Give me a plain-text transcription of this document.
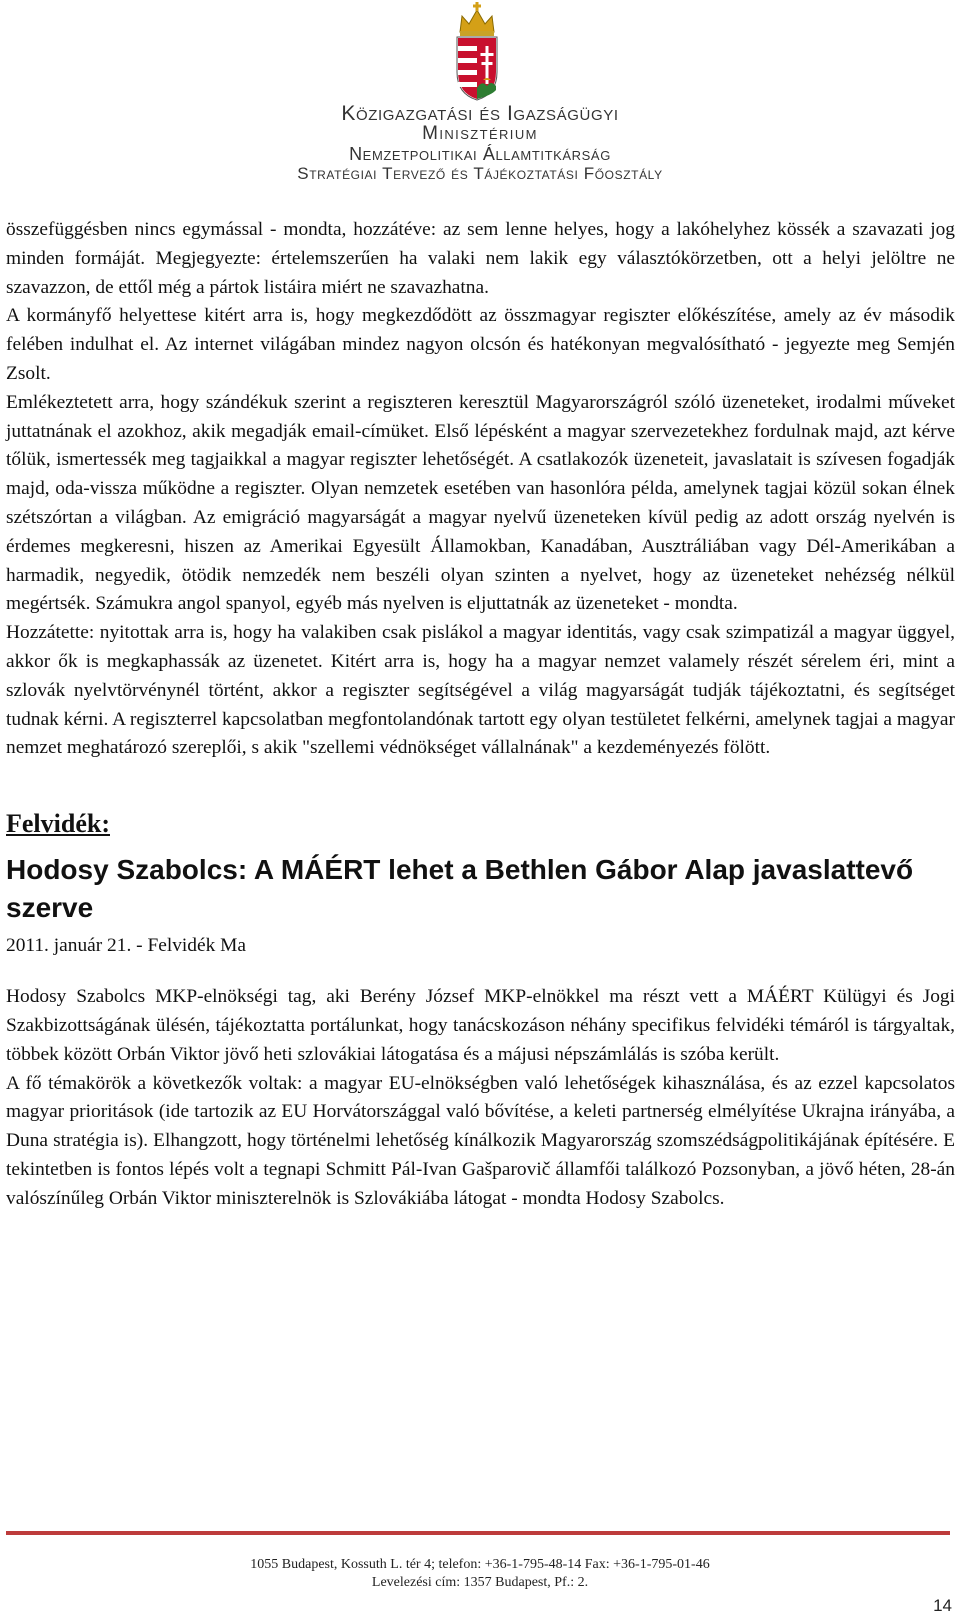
Közigazgatási és Igazságügyi
Minisztérium
Nemzetpolitikai Államtitkárság
Stratégiai Tervező és Tájékoztatási Főosztály

összefüggésben nincs egymással - mondta, hozzátéve: az sem lenne helyes, hogy a lakóhelyhez kössék a szavazati jog minden formáját. Megjegyezte: értelemszerűen ha valaki nem lakik egy választókörzetben, ott a helyi jelöltre ne szavazzon, de ettől még a pártok listáira miért ne szavazhatna.

A kormányfő helyettese kitért arra is, hogy megkezdődött az összmagyar regiszter előkészítése, amely az év második felében indulhat el. Az internet világában mindez nagyon olcsón és hatékonyan megvalósítható - jegyezte meg Semjén Zsolt.

Emlékeztetett arra, hogy szándékuk szerint a regiszteren keresztül Magyarországról szóló üzeneteket, irodalmi műveket juttatnának el azokhoz, akik megadják email-címüket. Első lépésként a magyar szervezetekhez fordulnak majd, azt kérve tőlük, ismertessék meg tagjaikkal a magyar regiszter lehetőségét. A csatlakozók üzeneteit, javaslatait is szívesen fogadják majd, oda-vissza működne a regiszter. Olyan nemzetek esetében van hasonlóra példa, amelynek tagjai közül sokan élnek szétszórtan a világban. Az emigráció magyarságát a magyar nyelvű üzeneteken kívül pedig az adott ország nyelvén is érdemes megkeresni, hiszen az Amerikai Egyesült Államokban, Kanadában, Ausztráliában vagy Dél-Amerikában a harmadik, negyedik, ötödik nemzedék nem beszéli olyan szinten a nyelvet, hogy az üzeneteket nehézség nélkül megértsék. Számukra angol spanyol, egyéb más nyelven is eljuttatnák az üzeneteket - mondta.

Hozzátette: nyitottak arra is, hogy ha valakiben csak pislákol a magyar identitás, vagy csak szimpatizál a magyar üggyel, akkor ők is megkaphassák az üzenetet. Kitért arra is, hogy ha a magyar nemzet valamely részét sérelem éri, mint a szlovák nyelvtörvénynél történt, akkor a regiszter segítségével a világ magyarságát tudják tájékoztatni, és segítséget tudnak kérni. A regiszterrel kapcsolatban megfontolandónak tartott egy olyan testületet felkérni, amelynek tagjai a magyar nemzet meghatározó szereplői, s akik "szellemi védnökséget vállalnának" a kezdeményezés fölött.

Felvidék:
Hodosy Szabolcs: A MÁÉRT lehet a Bethlen Gábor Alap javaslattevő szerve
2011. január 21. - Felvidék Ma

Hodosy Szabolcs MKP-elnökségi tag, aki Berény József MKP-elnökkel ma részt vett a MÁÉRT Külügyi és Jogi Szakbizottságának ülésén, tájékoztatta portálunkat, hogy tanácskozáson néhány specifikus felvidéki témáról is tárgyaltak, többek között Orbán Viktor jövő heti szlovákiai látogatása és a májusi népszámlálás is szóba került.

A fő témakörök a következők voltak: a magyar EU-elnökségben való lehetőségek kihasználása, és az ezzel kapcsolatos magyar prioritások (ide tartozik az EU Horvátországgal való bővítése, a keleti partnerség elmélyítése Ukrajna irányába, a Duna stratégia is). Elhangzott, hogy történelmi lehetőség kínálkozik Magyarország szomszédságpolitikájának építésére. E tekintetben is fontos lépés volt a tegnapi Schmitt Pál-Ivan Gašparovič államfői találkozó Pozsonyban, a jövő héten, 28-án valószínűleg Orbán Viktor miniszterelnök is Szlovákiába látogat - mondta Hodosy Szabolcs.

1055 Budapest, Kossuth L. tér 4; telefon: +36-1-795-48-14 Fax: +36-1-795-01-46
Levelezési cím: 1357 Budapest, Pf.: 2.
14
